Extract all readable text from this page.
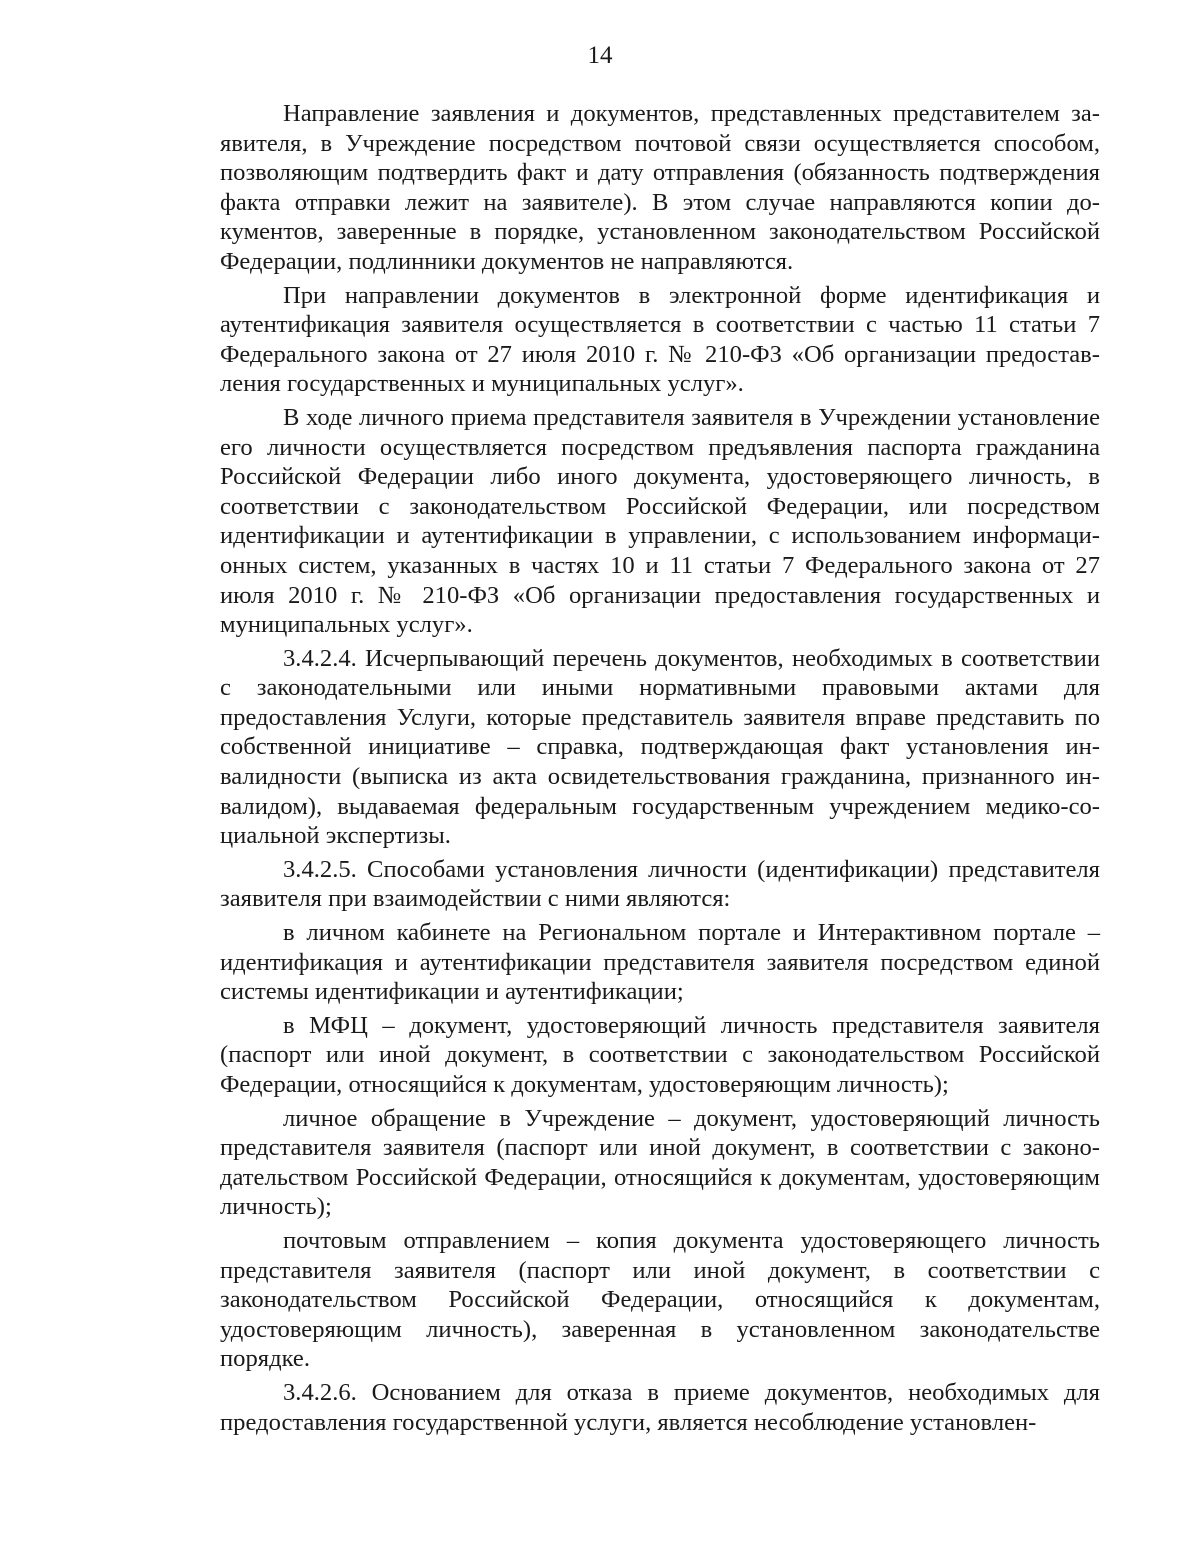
14

Направление заявления и документов, представленных представителем заявителя, в Учреждение посредством почтовой связи осуществляется способом, позволяющим подтвердить факт и дату отправления (обязанность подтверждения факта отправки лежит на заявителе). В этом случае направляются копии документов, заверенные в порядке, установленном законодательством Российской Федерации, подлинники документов не направляются.

При направлении документов в электронной форме идентификация и аутентификация заявителя осуществляется в соответствии с частью 11 статьи 7 Федерального закона от 27 июля 2010 г. № 210-ФЗ «Об организации предоставления государственных и муниципальных услуг».

В ходе личного приема представителя заявителя в Учреждении установление его личности осуществляется посредством предъявления паспорта гражданина Российской Федерации либо иного документа, удостоверяющего личность, в соответствии с законодательством Российской Федерации, или посредством идентификации и аутентификации в управлении, с использованием информационных систем, указанных в частях 10 и 11 статьи 7 Федерального закона от 27 июля 2010 г. № 210-ФЗ «Об организации предоставления государственных и муниципальных услуг».

3.4.2.4. Исчерпывающий перечень документов, необходимых в соответствии с законодательными или иными нормативными правовыми актами для предоставления Услуги, которые представитель заявителя вправе представить по собственной инициативе – справка, подтверждающая факт установления инвалидности (выписка из акта освидетельствования гражданина, признанного инвалидом), выдаваемая федеральным государственным учреждением медико-социальной экспертизы.

3.4.2.5. Способами установления личности (идентификации) представителя заявителя при взаимодействии с ними являются:

в личном кабинете на Региональном портале и Интерактивном портале – идентификация и аутентификации представителя заявителя посредством единой системы идентификации и аутентификации;

в МФЦ – документ, удостоверяющий личность представителя заявителя (паспорт или иной документ, в соответствии с законодательством Российской Федерации, относящийся к документам, удостоверяющим личность);

личное обращение в Учреждение – документ, удостоверяющий личность представителя заявителя (паспорт или иной документ, в соответствии с законодательством Российской Федерации, относящийся к документам, удостоверяющим личность);

почтовым отправлением – копия документа удостоверяющего личность представителя заявителя (паспорт или иной документ, в соответствии с законодательством Российской Федерации, относящийся к документам, удостоверяющим личность), заверенная в установленном законодательстве порядке.

3.4.2.6. Основанием для отказа в приеме документов, необходимых для предоставления государственной услуги, является несоблюдение установлен-
